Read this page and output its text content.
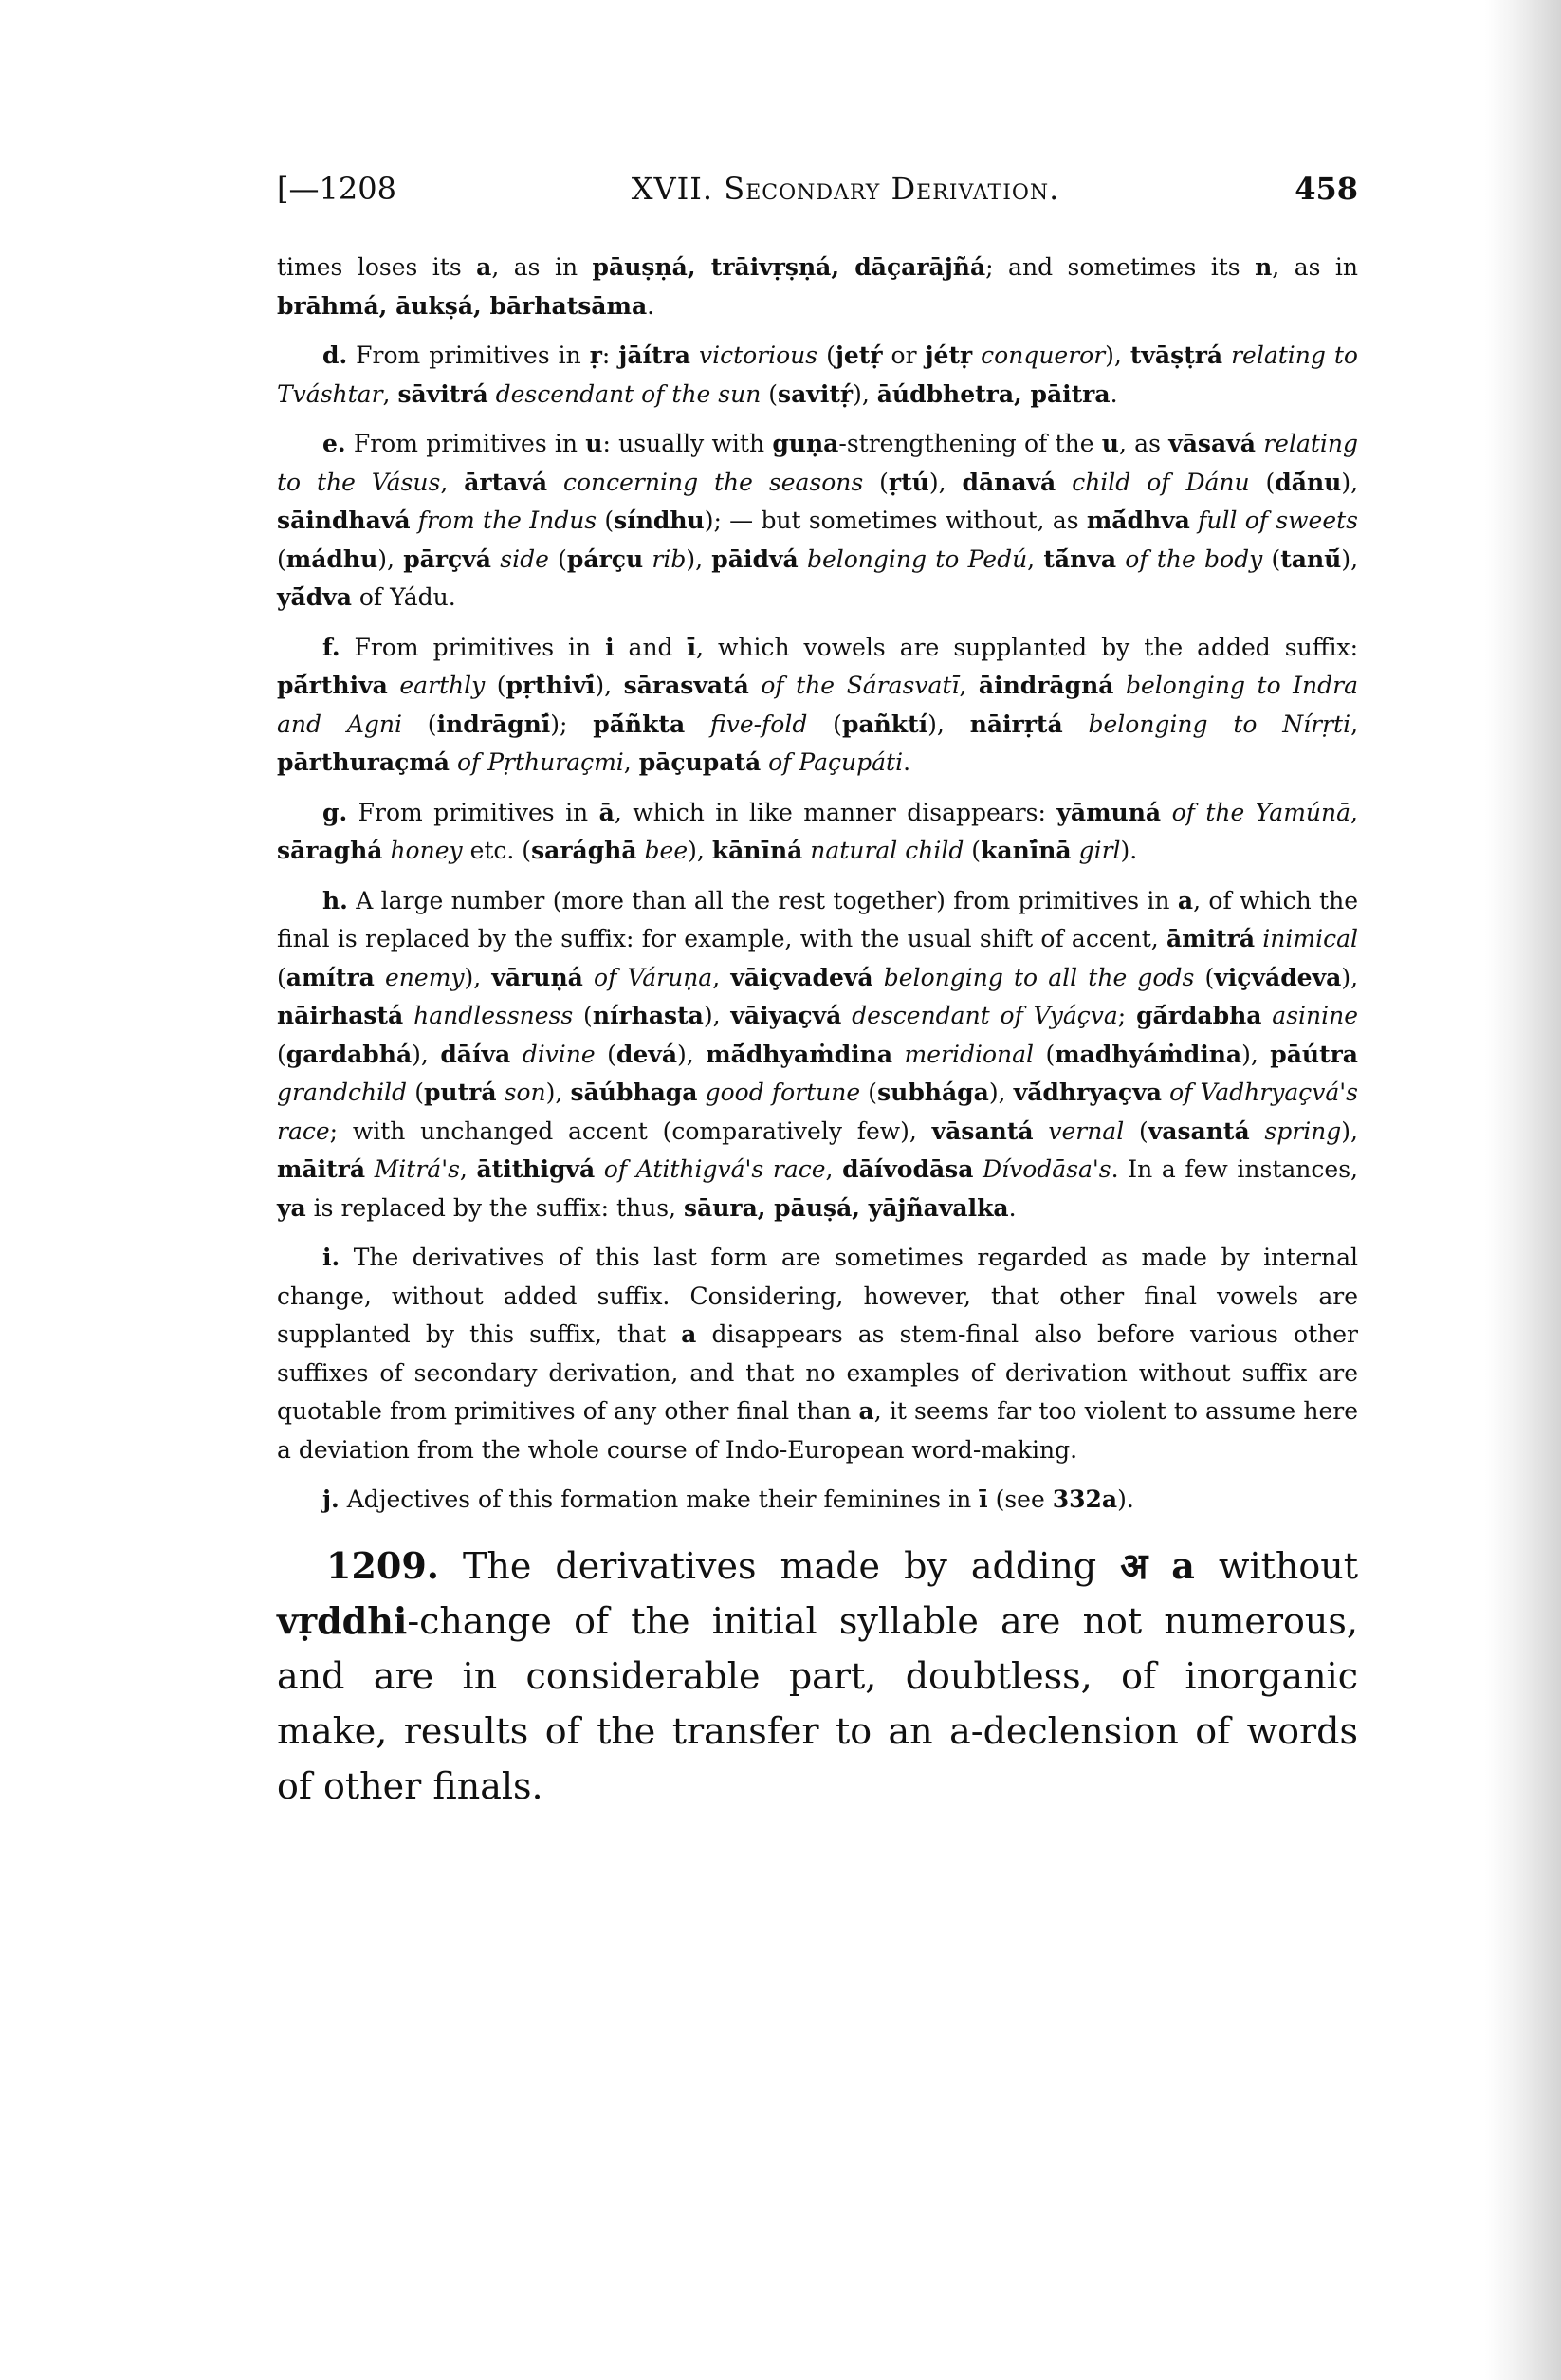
[—1208	XVII. Secondary Derivation.	458

times loses its a, as in pāuṣṇá, trāivṛṣṇá, dāçarājñá; and sometimes its n, as in brāhmá, āukṣá, bārhatsāma.

d. From primitives in ṛ: jāítra victorious (jetṛ́ or jétṛ conqueror), tvāṣṭrá relating to Tváshtar, sāvitrá descendant of the sun (savitṛ́), āúdbhetra, pāitra.

e. From primitives in u: usually with guṇa-strengthening of the u, as vāsavá relating to the Vásus, ārtavá concerning the seasons (ṛtú), dānavá child of Dánu (dā́nu), sāindhavá from the Indus (síndhu); — but sometimes without, as mā́dhva full of sweets (mádhu), pārçvá side (párçu rib), pāidvá belonging to Pedú, tā́nva of the body (tanū́), yā́dva of Yádu.

f. From primitives in i and ī, which vowels are supplanted by the added suffix: pā́rthiva earthly (pṛthivī́), sārasvatá of the Sárasvatī, āindrāgná belonging to Indra and Agni (indrāgnī́); pā́ñkta five-fold (pañktí), nāirṛtá belonging to Nírṛti, pārthuraçmá of Pṛthuraçmi, pāçupatá of Paçupáti.

g. From primitives in ā, which in like manner disappears: yāmuná of the Yamúnā, sāraghá honey etc. (sarághā bee), kānīná natural child (kanī́nā girl).

h. A large number (more than all the rest together) from primitives in a, of which the final is replaced by the suffix: for example, with the usual shift of accent, āmitrá inimical (amítra enemy), vāruṇá of Váruṇa, vāiçvadevá belonging to all the gods (viçvádeva), nāirhastá handlessness (nírhasta), vāiyaçvá descendant of Vyáçva; gā́rdabha asinine (gardabhá), dāíva divine (devá), mā́dhyaṁdina meridional (madhyáṁdina), pāútra grandchild (putrá son), sāúbhaga good fortune (subhága), vā́dhryaçva of Vadhryaçvá's race; with unchanged accent (comparatively few), vāsantá vernal (vasantá spring), māitrá Mitrá's, ātithigvá of Atithigvá's race, dāívodāsa Dívodāsa's. In a few instances, ya is replaced by the suffix: thus, sāura, pāuṣá, yājñavalka.

i. The derivatives of this last form are sometimes regarded as made by internal change, without added suffix. Considering, however, that other final vowels are supplanted by this suffix, that a disappears as stem-final also before various other suffixes of secondary derivation, and that no examples of derivation without suffix are quotable from primitives of any other final than a, it seems far too violent to assume here a deviation from the whole course of Indo-European word-making.

j. Adjectives of this formation make their feminines in ī (see 332a).

1209. The derivatives made by adding अ a without vṛddhi-change of the initial syllable are not numerous, and are in considerable part, doubtless, of inorganic make, results of the transfer to an a-declension of words of other finals.
